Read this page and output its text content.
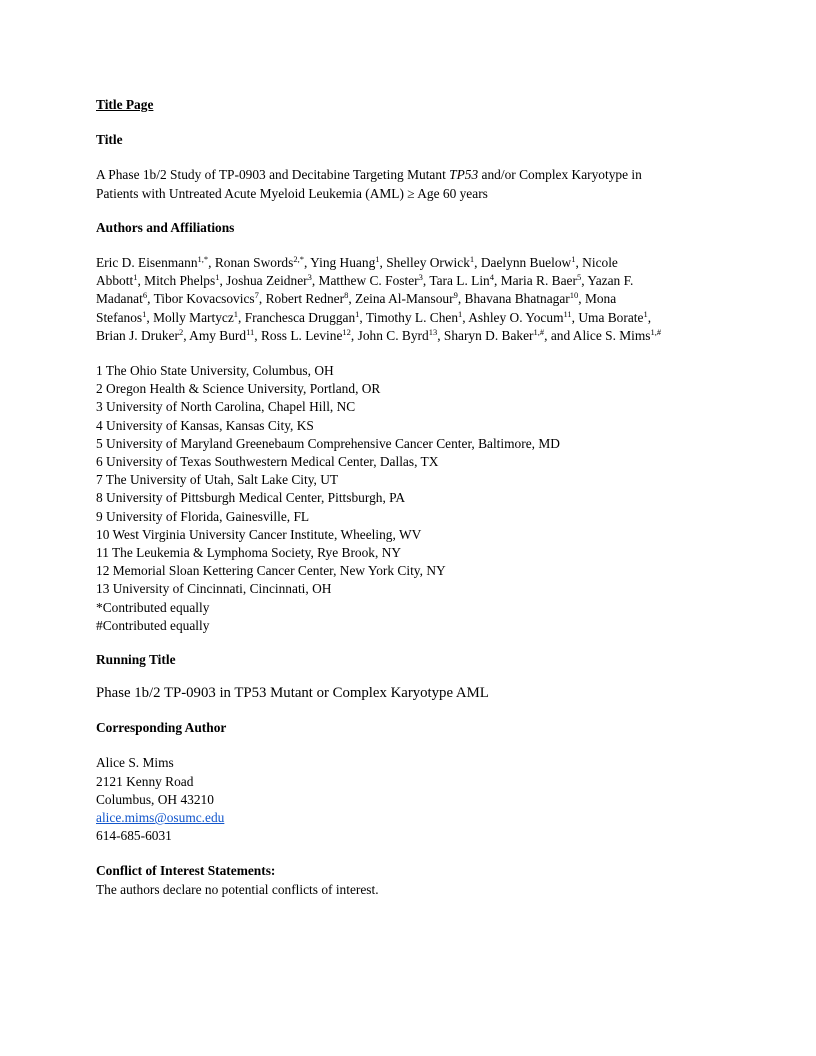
Title Page

Title

A Phase 1b/2 Study of TP-0903 and Decitabine Targeting Mutant TP53 and/or Complex Karyotype in

Patients with Untreated Acute Myeloid Leukemia (AML) ≥ Age 60 years

Authors and Affiliations

Eric D. Eisenmann$^{1,*}$, Ronan Swords$^{2,*}$, Ying Huang$^1$, Shelley Orwick$^1$, Daelynn Buelow$^1$, Nicole

Abbott$^1$, Mitch Phelps$^1$, Joshua Zeidner$^3$, Matthew C. Foster$^3$, Tara L. Lin$^4$, Maria R. Baer$^5$, Yazan F.

Madanat$^6$, Tibor Kovacsovics$^7$, Robert Redner$^8$, Zeina Al-Mansour$^9$, Bhavana Bhatnagar$^{10}$, Mona

Stefanos$^1$, Molly Martycz$^1$, Franchesca Druggan$^1$, Timothy L. Chen$^1$, Ashley O. Yocum$^{11}$, Uma Borate$^1$,

Brian J. Druker$^2$, Amy Burd$^{11}$, Ross L. Levine$^{12}$, John C. Byrd$^{13}$, Sharyn D. Baker$^{1,\#}$, and Alice S. Mims$^{1,\#}$

1 The Ohio State University, Columbus, OH

2 Oregon Health & Science University, Portland, OR

3 University of North Carolina, Chapel Hill, NC

4 University of Kansas, Kansas City, KS

5 University of Maryland Greenebaum Comprehensive Cancer Center, Baltimore, MD

6 University of Texas Southwestern Medical Center, Dallas, TX

7 The University of Utah, Salt Lake City, UT

8 University of Pittsburgh Medical Center, Pittsburgh, PA

9 University of Florida, Gainesville, FL

10 West Virginia University Cancer Institute, Wheeling, WV

11 The Leukemia & Lymphoma Society, Rye Brook, NY

12 Memorial Sloan Kettering Cancer Center, New York City, NY

13 University of Cincinnati, Cincinnati, OH

*Contributed equally

#Contributed equally

Running Title

Phase 1b/2 TP-0903 in TP53 Mutant or Complex Karyotype AML

Corresponding Author

Alice S. Mims

2121 Kenny Road

Columbus, OH 43210

alice.mims@osumc.edu

614-685-6031

Conflict of Interest Statements:

The authors declare no potential conflicts of interest.
